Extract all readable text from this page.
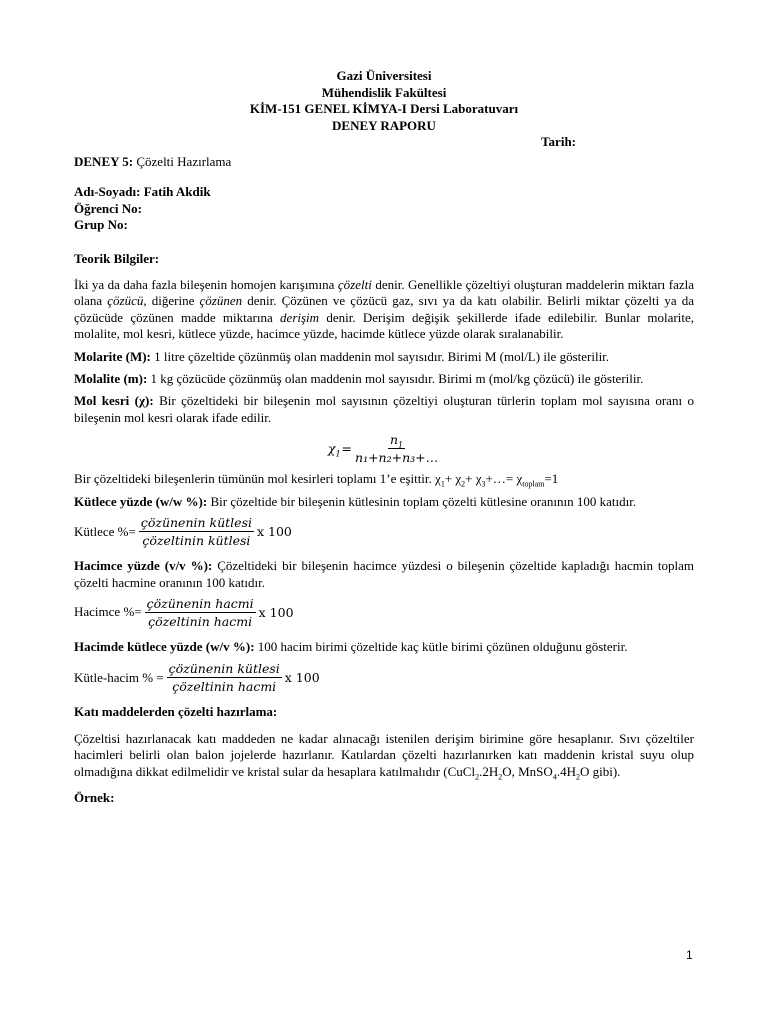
Gazi Üniversitesi
Mühendislik Fakültesi
KİM-151 GENEL KİMYA-I Dersi Laboratuvarı
DENEY RAPORU
Tarih:

DENEY 5: Çözelti Hazırlama

Adı-Soyadı: Fatih Akdik

Öğrenci No:

Grup No:

Teorik Bilgiler:

İki ya da daha fazla bileşenin homojen karışımına çözelti denir. Genellikle çözeltiyi oluşturan maddelerin miktarı fazla olana çözücü, diğerine çözünen denir. Çözünen ve çözücü gaz, sıvı ya da katı olabilir. Belirli miktar çözelti ya da çözücüde çözünen madde miktarına derişim denir. Derişim değişik şekillerde ifade edilebilir. Bunlar molarite, molalite, mol kesri, kütlece yüzde, hacimce yüzde, hacimde kütlece yüzde olarak sıralanabilir.

Molarite (M): 1 litre çözeltide çözünmüş olan maddenin mol sayısıdır. Birimi M (mol/L) ile gösterilir.

Molalite (m): 1 kg çözücüde çözünmüş olan maddenin mol sayısıdır. Birimi m (mol/kg çözücü) ile gösterilir.

Mol kesri (χ): Bir çözeltideki bir bileşenin mol sayısının çözeltiyi oluşturan türlerin toplam mol sayısına oranı o bileşenin mol kesri olarak ifade edilir.

$\chi_1 = \frac{n_1}{\text{n₁+n₂+n₃+…}}$

Bir çözeltideki bileşenlerin tümünün mol kesirleri toplamı 1’e eşittir. $\chi_1+ \chi_2+$ $\chi_3+\dots= \chi_{toplam}=1$

Kütlece yüzde (w/w %): Bir çözeltide bir bileşenin kütlesinin toplam çözelti kütlesine oranının 100 katıdır.

Kütlece %= $\frac{\text{çözünenin kütlesi}}{\text{çözeltinin kütlesi}}$ x 100

Hacimce yüzde (v/v %): Çözeltideki bir bileşenin hacimce yüzdesi o bileşenin çözeltide kapladığı hacmin toplam çözelti hacmine oranının 100 katıdır.

Hacimce %= $\frac{\text{çözünenin hacmi}}{\text{çözeltinin hacmi}}$ x 100

Hacimde kütlece yüzde (w/v %): 100 hacim birimi çözeltide kaç kütle birimi çözünen olduğunu gösterir.

Kütle-hacim % = $\frac{\text{çözünenin kütlesi}}{\text{çözeltinin hacmi}}$ x 100

Katı maddelerden çözelti hazırlama:

Çözeltisi hazırlanacak katı maddeden ne kadar alınacağı istenilen derişim birimine göre hesaplanır. Sıvı çözeltiler hacimleri belirli olan balon jojelerde hazırlanır. Katılardan çözelti hazırlanırken katı maddenin kristal suyu olup olmadığına dikkat edilmelidir ve kristal sular da hesaplara katılmalıdır ($CuCl_2.2H_2O$, $MnSO_4.4H_2O$ gibi).

Örnek:

1
